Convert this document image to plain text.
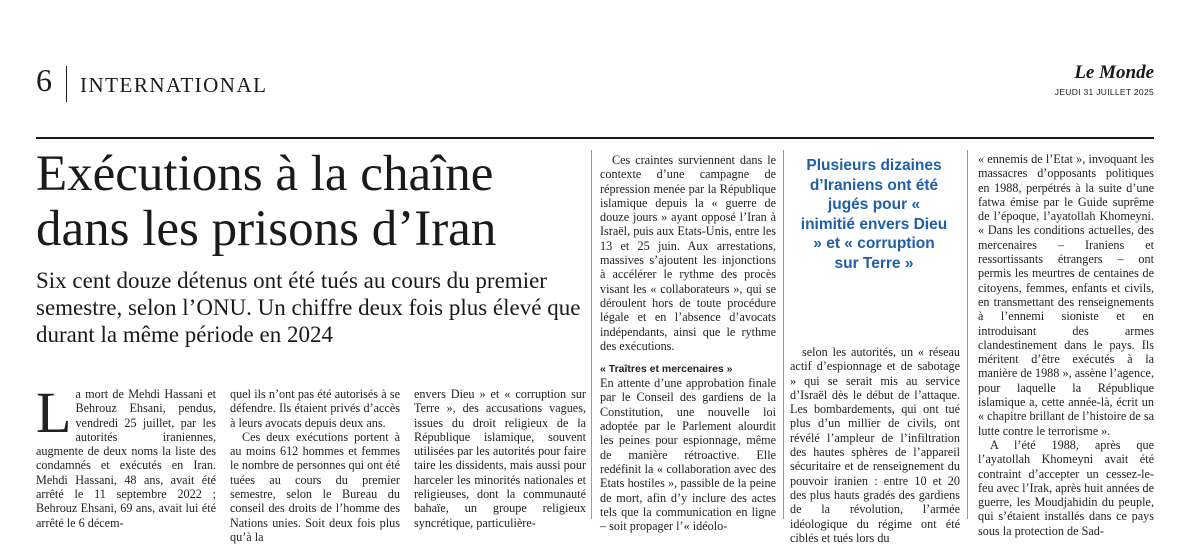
6 INTERNATIONAL
Le Monde
JEUDI 31 JUILLET 2025
Exécutions à la chaîne dans les prisons d’Iran
Six cent douze détenus ont été tués au cours du premier semestre, selon l’ONU. Un chiffre deux fois plus élevé que durant la même période en 2024

La mort de Mehdi Hassani et Behrouz Ehsani, pendus, vendredi 25 juillet, par les autorités iraniennes, augmente de deux noms la liste des condamnés et exécutés en Iran. Mehdi Hassani, 48 ans, avait été arrêté le 11 septembre 2022 ; Behrouz Ehsani, 69 ans, avait lui été arrêté le 6 décem-

quel ils n’ont pas été autorisés à se défendre. Ils étaient privés d’accès à leurs avocats depuis deux ans.

Ces deux exécutions portent à au moins 612 hommes et femmes le nombre de personnes qui ont été tuées au cours du premier semestre, selon le Bureau du conseil des droits de l’homme des Nations unies. Soit deux fois plus qu’à la

envers Dieu » et « corruption sur Terre », des accusations vagues, issues du droit religieux de la République islamique, souvent utilisées par les autorités pour faire taire les dissidents, mais aussi pour harceler les minorités nationales et religieuses, dont la communauté bahaïe, un groupe religieux syncrétique, particulière-

Ces craintes surviennent dans le contexte d’une campagne de répression menée par la République islamique depuis la « guerre de douze jours » ayant opposé l’Iran à Israël, puis aux Etats-Unis, entre les 13 et 25 juin. Aux arrestations, massives s’ajoutent les injonctions à accélérer le rythme des procès visant les « collaborateurs », qui se déroulent hors de toute procédure légale et en l’absence d’avocats indépendants, ainsi que le rythme des exécutions.

« Traîtres et mercenaires »

En attente d’une approbation finale par le Conseil des gardiens de la Constitution, une nouvelle loi adoptée par le Parlement alourdit les peines pour espionnage, même de manière rétroactive. Elle redéfinit la « collaboration avec des Etats hostiles », passible de la peine de mort, afin d’y inclure des actes tels que la communication en ligne – soit propager l’« idéolo-

Plusieurs dizaines d’Iraniens ont été jugés pour « inimitié envers Dieu » et « corruption sur Terre »

selon les autorités, un « réseau actif d’espionnage et de sabotage » qui se serait mis au service d’Israël dès le début de l’attaque. Les bombardements, qui ont tué plus d’un millier de civils, ont révélé l’ampleur de l’infiltration des hautes sphères de l’appareil sécuritaire et de renseignement du pouvoir iranien : entre 10 et 20 des plus hauts gradés des gardiens de la révolution, l’armée idéologique du régime ont été ciblés et tués lors du

« ennemis de l’Etat », invoquant les massacres d’opposants politiques en 1988, perpétrés à la suite d’une fatwa émise par le Guide suprême de l’époque, l’ayatollah Khomeyni. « Dans les conditions actuelles, des mercenaires – Iraniens et ressortissants étrangers – ont permis les meurtres de centaines de citoyens, femmes, enfants et civils, en transmettant des renseignements à l’ennemi sioniste et en introduisant des armes clandestinement dans le pays. Ils méritent d’être exécutés à la manière de 1988 », assène l’agence, pour laquelle la République islamique a, cette année-là, écrit un « chapitre brillant de l’histoire de sa lutte contre le terrorisme ».

A l’été 1988, après que l’ayatollah Khomeyni avait été contraint d’accepter un cessez-le-feu avec l’Irak, après huit années de guerre, les Moudjahidin du peuple, qui s’étaient installés dans ce pays sous la protection de Sad-
